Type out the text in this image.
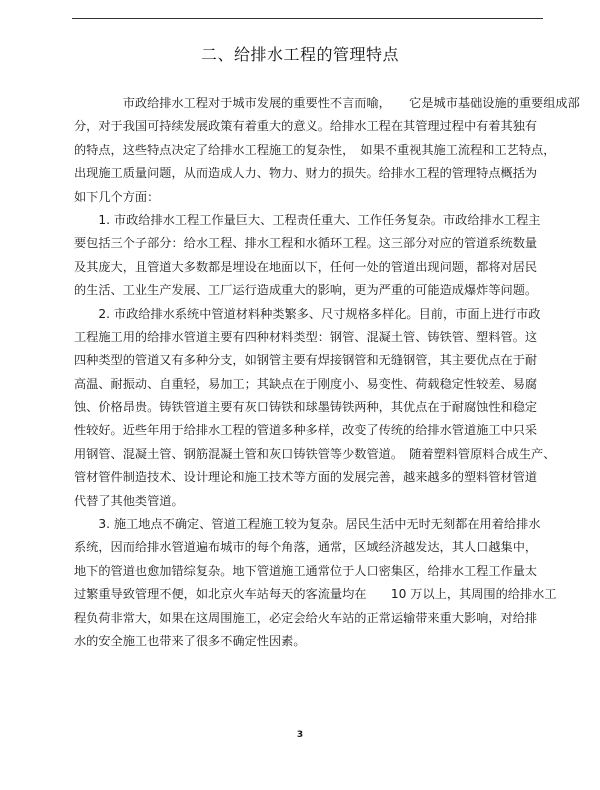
二、给排水工程的管理特点
　　　　市政给排水工程对于城市发展的重要性不言而喻，　　它是城市基础设施的重要组成部
分，对于我国可持续发展政策有着重大的意义。给排水工程在其管理过程中有着其独有
的特点，这些特点决定了给排水工程施工的复杂性，　如果不重视其施工流程和工艺特点，
出现施工质量问题，从而造成人力、物力、财力的损失。给排水工程的管理特点概括为
如下几个方面：
　　1. 市政给排水工程工作量巨大、工程责任重大、工作任务复杂。市政给排水工程主
要包括三个子部分：给水工程、排水工程和水循环工程。这三部分对应的管道系统数量
及其庞大，且管道大多数都是埋设在地面以下，任何一处的管道出现问题，都将对居民
的生活、工业生产发展、工厂运行造成重大的影响，更为严重的可能造成爆炸等问题。
　　2. 市政给排水系统中管道材料种类繁多、尺寸规格多样化。目前，市面上进行市政
工程施工用的给排水管道主要有四种材料类型：钢管、混凝土管、铸铁管、塑料管。这
四种类型的管道又有多种分支，如钢管主要有焊接钢管和无缝钢管，其主要优点在于耐
高温、耐振动、自重轻，易加工；其缺点在于刚度小、易变性、荷载稳定性较差、易腐
蚀、价格昂贵。铸铁管道主要有灰口铸铁和球墨铸铁两种，其优点在于耐腐蚀性和稳定
性较好。近些年用于给排水工程的管道多种多样，改变了传统的给排水管道施工中只采
用钢管、混凝土管、钢筋混凝土管和灰口铸铁管等少数管道。　随着塑料管原料合成生产、
管材管件制造技术、设计理论和施工技术等方面的发展完善，越来越多的塑料管材管道
代替了其他类管道。
　　3. 施工地点不确定、管道工程施工较为复杂。居民生活中无时无刻都在用着给排水
系统，因而给排水管道遍布城市的每个角落，通常，区域经济越发达，其人口越集中，
地下的管道也愈加错综复杂。地下管道施工通常位于人口密集区，给排水工程工作量太
过繁重导致管理不便，如北京火车站每天的客流量均在　　10 万以上，其周围的给排水工
程负荷非常大，如果在这周围施工，必定会给火车站的正常运输带来重大影响，对给排
水的安全施工也带来了很多不确定性因素。
3
